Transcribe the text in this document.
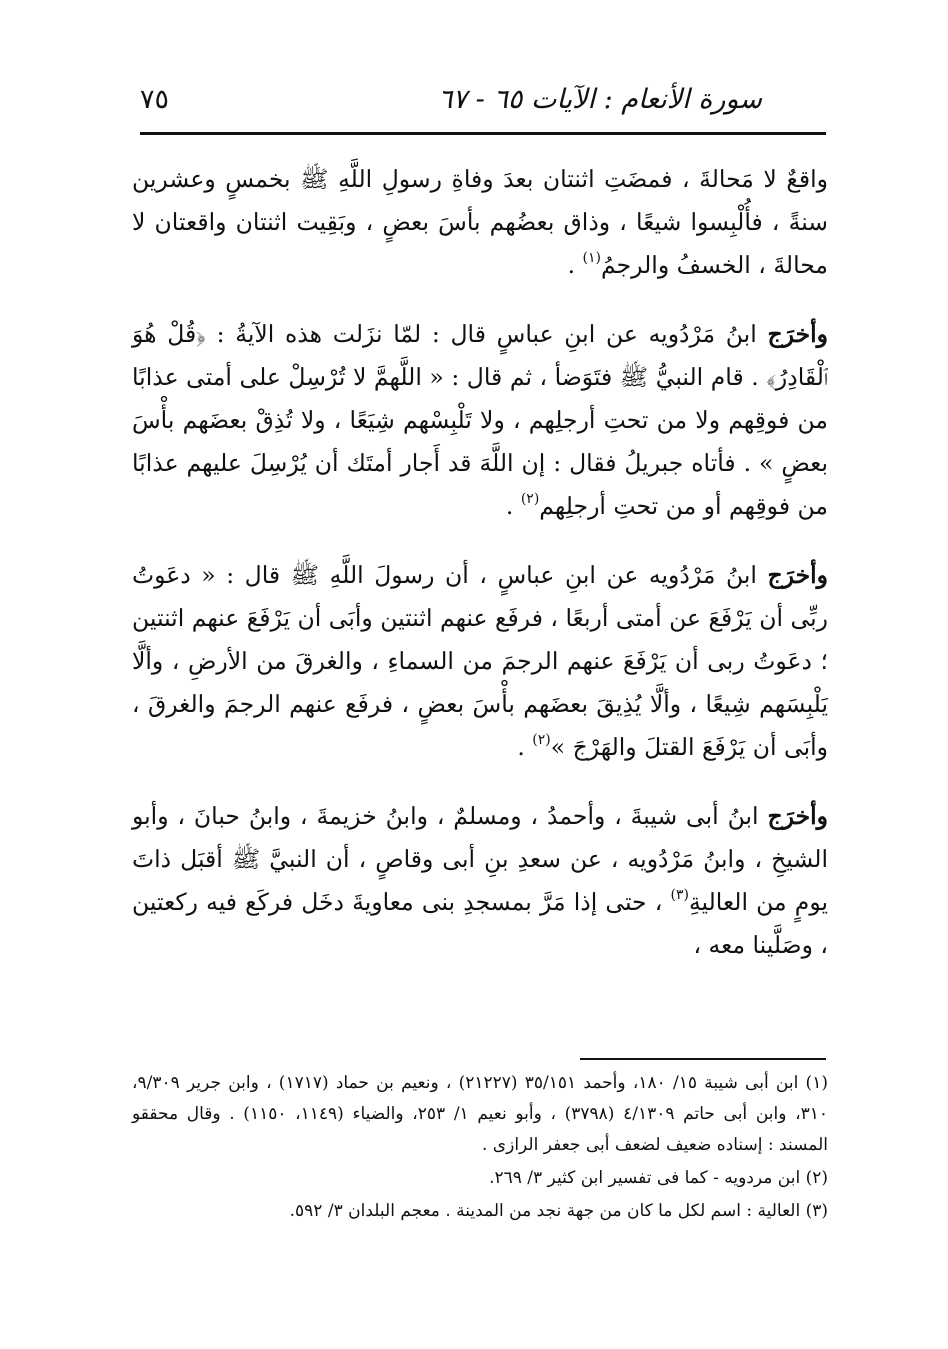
سورة الأنعام : الآيات ٦٥ - ٦٧
٧٥

واقعٌ لا مَحالةَ ، فمضَتِ اثنتان بعدَ وفاةِ رسولِ اللَّهِ ﷺ بخمسٍ وعشرين سنةً ، فأُلْبِسوا شيعًا ، وذاق بعضُهم بأسَ بعضٍ ، وبَقِيت اثنتان واقعتان لا محالةَ ، الخسفُ والرجمُ$^{(١)}$ .

وأخرَج ابنُ مَرْدُويه عن ابنِ عباسٍ قال : لمّا نزَلت هذه الآيةُ : ﴿قُلْ هُوَ ٱلْقَادِرُ﴾ . قام النبيُّ ﷺ فتَوَضأ ، ثم قال : « اللَّهمَّ لا تُرْسِلْ على أمتى عذابًا من فوقِهم ولا من تحتِ أرجلِهم ، ولا تَلْبِسْهم شِيَعًا ، ولا تُذِقْ بعضَهم بأْسَ بعضٍ » . فأتاه جبريلُ فقال : إن اللَّهَ قد أَجار أمتَك أن يُرْسِلَ عليهم عذابًا من فوقِهم أو من تحتِ أرجلِهم$^{(٢)}$ .

وأخرَج ابنُ مَرْدُويه عن ابنِ عباسٍ ، أن رسولَ اللَّهِ ﷺ قال : « دعَوتُ ربِّى أن يَرْفَعَ عن أمتى أربعًا ، فرفَع عنهم اثنتين وأبَى أن يَرْفَعَ عنهم اثنتين ؛ دعَوتُ ربى أن يَرْفَعَ عنهم الرجمَ من السماءِ ، والغرقَ من الأرضِ ، وألَّا يَلْبِسَهم شِيعًا ، وألَّا يُذِيقَ بعضَهم بأْسَ بعضٍ ، فرفَع عنهم الرجمَ والغرقَ ، وأبَى أن يَرْفَعَ القتلَ والهَرْجَ »$^{(٢)}$ .

وأخرَج ابنُ أبى شيبةَ ، وأحمدُ ، ومسلمٌ ، وابنُ خزيمةَ ، وابنُ حبانَ ، وأبو الشيخِ ، وابنُ مَرْدُويه ، عن سعدِ بنِ أبى وقاصٍ ، أن النبيَّ ﷺ أقبَل ذاتَ يومٍ من العاليةِ$^{(٣)}$ ، حتى إذا مَرَّ بمسجدِ بنى معاويةَ دخَل فركَع فيه ركعتين ، وصَلَّينا معه ،

(١) ابن أبى شيبة ١٥/ ١٨٠، وأحمد ٣٥/١٥١ (٢١٢٢٧) ، ونعيم بن حماد (١٧١٧) ، وابن جرير ٩/٣٠٩، ٣١٠، وابن أبى حاتم ٤/١٣٠٩ (٣٧٩٨) ، وأبو نعيم ١/ ٢٥٣، والضياء (١١٤٩، ١١٥٠) . وقال محققو المسند : إسناده ضعيف لضعف أبى جعفر الرازى .

(٢) ابن مردويه - كما فى تفسير ابن كثير ٣/ ٢٦٩.

(٣) العالية : اسم لكل ما كان من جهة نجد من المدينة . معجم البلدان ٣/ ٥٩٢.
